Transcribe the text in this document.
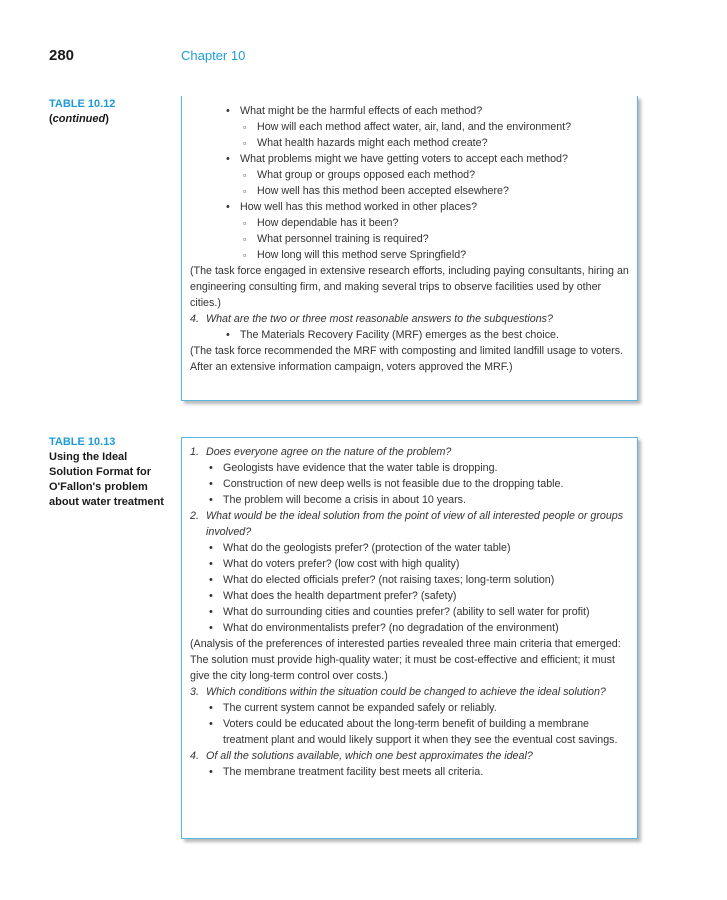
280	Chapter 10
TABLE 10.12
(continued)
• What might be the harmful effects of each method?
▫ How will each method affect water, air, land, and the environment?
▫ What health hazards might each method create?
• What problems might we have getting voters to accept each method?
▫ What group or groups opposed each method?
▫ How well has this method been accepted elsewhere?
• How well has this method worked in other places?
▫ How dependable has it been?
▫ What personnel training is required?
▫ How long will this method serve Springfield?
(The task force engaged in extensive research efforts, including paying consultants, hiring an engineering consulting firm, and making several trips to observe facilities used by other cities.)
4. What are the two or three most reasonable answers to the subquestions?
• The Materials Recovery Facility (MRF) emerges as the best choice.
(The task force recommended the MRF with composting and limited landfill usage to voters. After an extensive information campaign, voters approved the MRF.)
TABLE 10.13
Using the Ideal Solution Format for O'Fallon's problem about water treatment
1. Does everyone agree on the nature of the problem?
• Geologists have evidence that the water table is dropping.
• Construction of new deep wells is not feasible due to the dropping table.
• The problem will become a crisis in about 10 years.
2. What would be the ideal solution from the point of view of all interested people or groups involved?
• What do the geologists prefer? (protection of the water table)
• What do voters prefer? (low cost with high quality)
• What do elected officials prefer? (not raising taxes; long-term solution)
• What does the health department prefer? (safety)
• What do surrounding cities and counties prefer? (ability to sell water for profit)
• What do environmentalists prefer? (no degradation of the environment)
(Analysis of the preferences of interested parties revealed three main criteria that emerged: The solution must provide high-quality water; it must be cost-effective and efficient; it must give the city long-term control over costs.)
3. Which conditions within the situation could be changed to achieve the ideal solution?
• The current system cannot be expanded safely or reliably.
• Voters could be educated about the long-term benefit of building a membrane treatment plant and would likely support it when they see the eventual cost savings.
4. Of all the solutions available, which one best approximates the ideal?
• The membrane treatment facility best meets all criteria.
